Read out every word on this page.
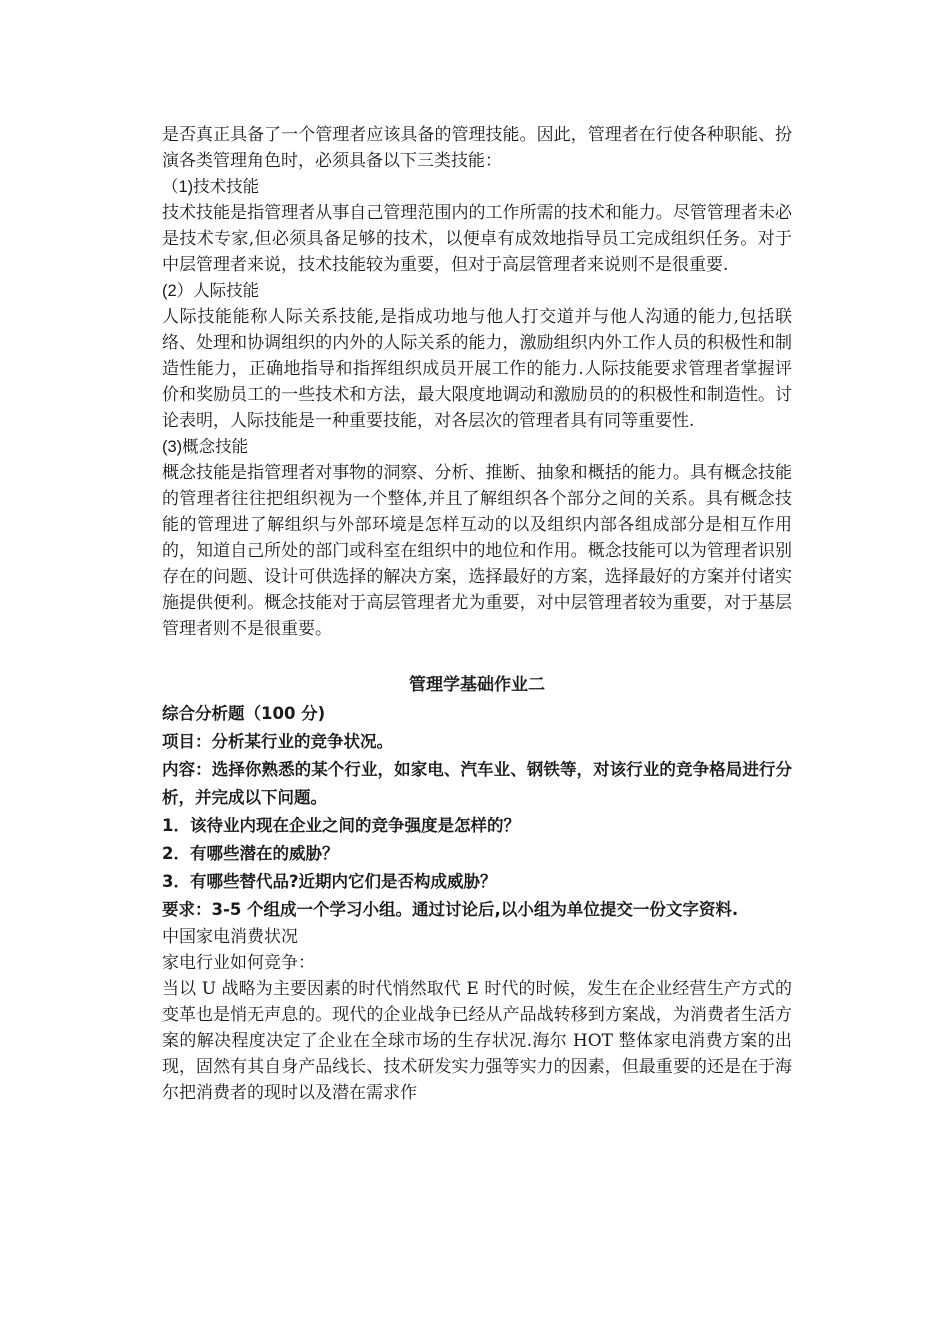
是否真正具备了一个管理者应该具备的管理技能。因此，管理者在行使各种职能、扮演各类管理角色时，必须具备以下三类技能：

（1)技术技能

技术技能是指管理者从事自己管理范围内的工作所需的技术和能力。尽管管理者未必是技术专家,但必须具备足够的技术，以便卓有成效地指导员工完成组织任务。对于中层管理者来说，技术技能较为重要，但对于高层管理者来说则不是很重要.

(2）人际技能

人际技能能称人际关系技能,是指成功地与他人打交道并与他人沟通的能力,包括联络、处理和协调组织的内外的人际关系的能力，激励组织内外工作人员的积极性和制造性能力，正确地指导和指挥组织成员开展工作的能力.人际技能要求管理者掌握评价和奖励员工的一些技术和方法，最大限度地调动和激励员的的积极性和制造性。讨论表明，人际技能是一种重要技能，对各层次的管理者具有同等重要性.

(3)概念技能

概念技能是指管理者对事物的洞察、分析、推断、抽象和概括的能力。具有概念技能的管理者往往把组织视为一个整体,并且了解组织各个部分之间的关系。具有概念技能的管理进了解组织与外部环境是怎样互动的以及组织内部各组成部分是相互作用的，知道自己所处的部门或科室在组织中的地位和作用。概念技能可以为管理者识别存在的问题、设计可供选择的解决方案，选择最好的方案，选择最好的方案并付诸实施提供便利。概念技能对于高层管理者尤为重要，对中层管理者较为重要，对于基层管理者则不是很重要。

管理学基础作业二

综合分析题（100 分)

项目：分析某行业的竞争状况。

内容：选择你熟悉的某个行业，如家电、汽车业、钢铁等，对该行业的竞争格局进行分析，并完成以下问题。

1．该待业内现在企业之间的竞争强度是怎样的？

2．有哪些潜在的威胁？

3．有哪些替代品?近期内它们是否构成威胁？

要求：3-5 个组成一个学习小组。通过讨论后,以小组为单位提交一份文字资料.

中国家电消费状况

家电行业如何竞争：

当以 U 战略为主要因素的时代悄然取代 E 时代的时候，发生在企业经营生产方式的变革也是悄无声息的。现代的企业战争已经从产品战转移到方案战，为消费者生活方案的解决程度决定了企业在全球市场的生存状况.海尔 HOT 整体家电消费方案的出现，固然有其自身产品线长、技术研发实力强等实力的因素，但最重要的还是在于海尔把消费者的现时以及潜在需求作
